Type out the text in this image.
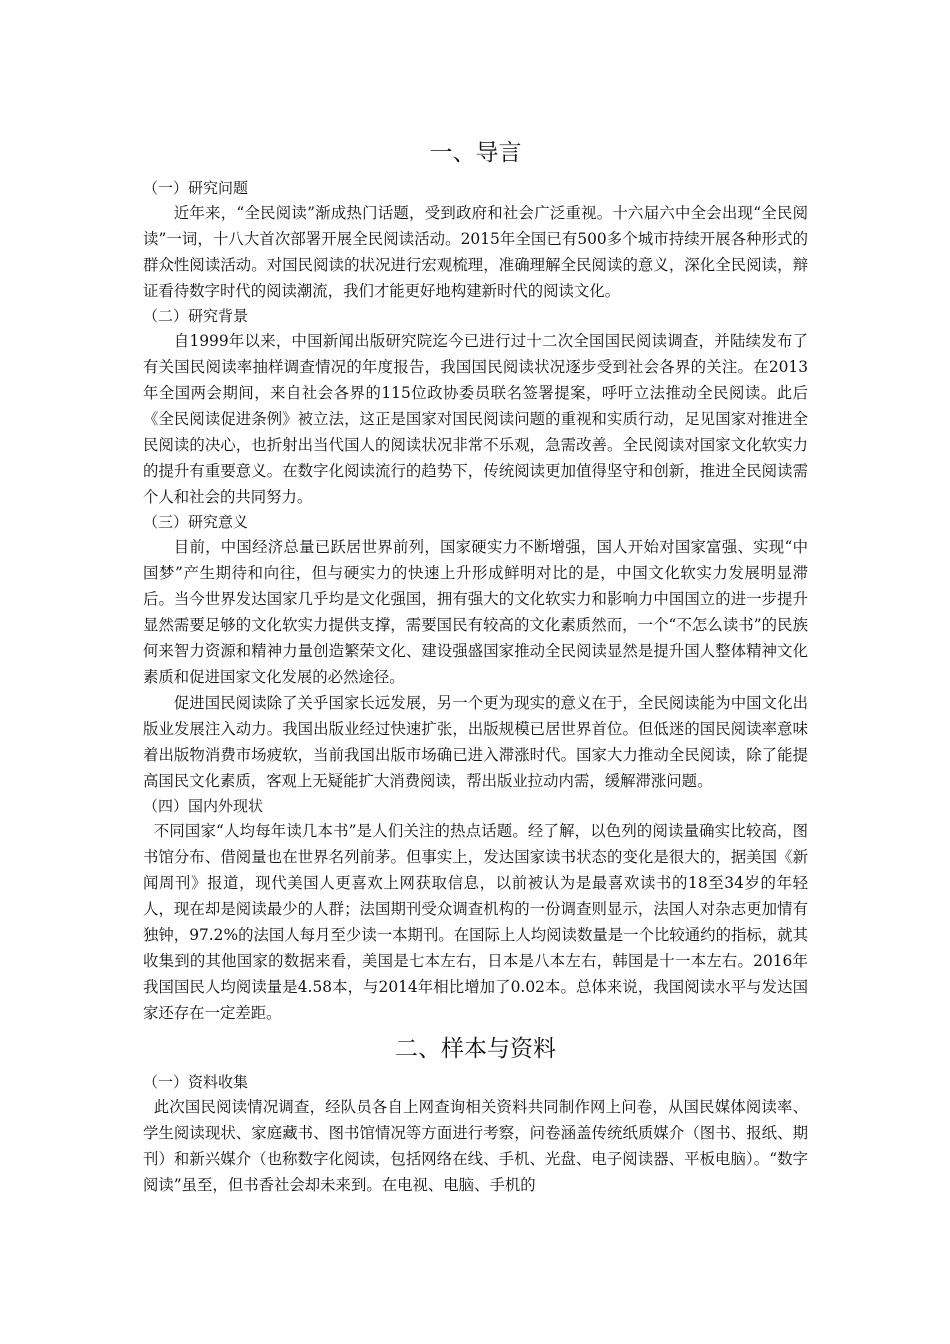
一、导言
（一）研究问题

近年来，“全民阅读”渐成热门话题，受到政府和社会广泛重视。十六届六中全会出现“全民阅读”一词，十八大首次部署开展全民阅读活动。2015年全国已有500多个城市持续开展各种形式的群众性阅读活动。对国民阅读的状况进行宏观梳理，准确理解全民阅读的意义，深化全民阅读，辩证看待数字时代的阅读潮流，我们才能更好地构建新时代的阅读文化。

（二）研究背景

自1999年以来，中国新闻出版研究院迄今已进行过十二次全国国民阅读调查，并陆续发布了有关国民阅读率抽样调查情况的年度报告，我国国民阅读状况逐步受到社会各界的关注。在2013年全国两会期间，来自社会各界的115位政协委员联名签署提案，呼吁立法推动全民阅读。此后《全民阅读促进条例》被立法，这正是国家对国民阅读问题的重视和实质行动，足见国家对推进全民阅读的决心，也折射出当代国人的阅读状况非常不乐观，急需改善。全民阅读对国家文化软实力的提升有重要意义。在数字化阅读流行的趋势下，传统阅读更加值得坚守和创新，推进全民阅读需个人和社会的共同努力。

（三）研究意义

目前，中国经济总量已跃居世界前列，国家硬实力不断增强，国人开始对国家富强、实现“中国梦”产生期待和向往，但与硬实力的快速上升形成鲜明对比的是，中国文化软实力发展明显滞后。当今世界发达国家几乎均是文化强国，拥有强大的文化软实力和影响力中国国立的进一步提升显然需要足够的文化软实力提供支撑，需要国民有较高的文化素质然而，一个“不怎么读书”的民族何来智力资源和精神力量创造繁荣文化、建设强盛国家推动全民阅读显然是提升国人整体精神文化素质和促进国家文化发展的必然途径。

促进国民阅读除了关乎国家长远发展，另一个更为现实的意义在于，全民阅读能为中国文化出版业发展注入动力。我国出版业经过快速扩张，出版规模已居世界首位。但低迷的国民阅读率意味着出版物消费市场疲软，当前我国出版市场确已进入滞涨时代。国家大力推动全民阅读，除了能提高国民文化素质，客观上无疑能扩大消费阅读，帮出版业拉动内需，缓解滞涨问题。

（四）国内外现状

不同国家“人均每年读几本书”是人们关注的热点话题。经了解，以色列的阅读量确实比较高，图书馆分布、借阅量也在世界名列前茅。但事实上，发达国家读书状态的变化是很大的，据美国《新闻周刊》报道，现代美国人更喜欢上网获取信息，以前被认为是最喜欢读书的18至34岁的年轻人，现在却是阅读最少的人群；法国期刊受众调查机构的一份调查则显示，法国人对杂志更加情有独钟，97.2%的法国人每月至少读一本期刊。在国际上人均阅读数量是一个比较通约的指标，就其收集到的其他国家的数据来看，美国是七本左右，日本是八本左右，韩国是十一本左右。2016年我国国民人均阅读量是4.58本，与2014年相比增加了0.02本。总体来说，我国阅读水平与发达国家还存在一定差距。

二、样本与资料
（一）资料收集

此次国民阅读情况调查，经队员各自上网查询相关资料共同制作网上问卷，从国民媒体阅读率、学生阅读现状、家庭藏书、图书馆情况等方面进行考察，问卷涵盖传统纸质媒介（图书、报纸、期刊）和新兴媒介（也称数字化阅读，包括网络在线、手机、光盘、电子阅读器、平板电脑）。“数字阅读”虽至，但书香社会却未来到。在电视、电脑、手机的
